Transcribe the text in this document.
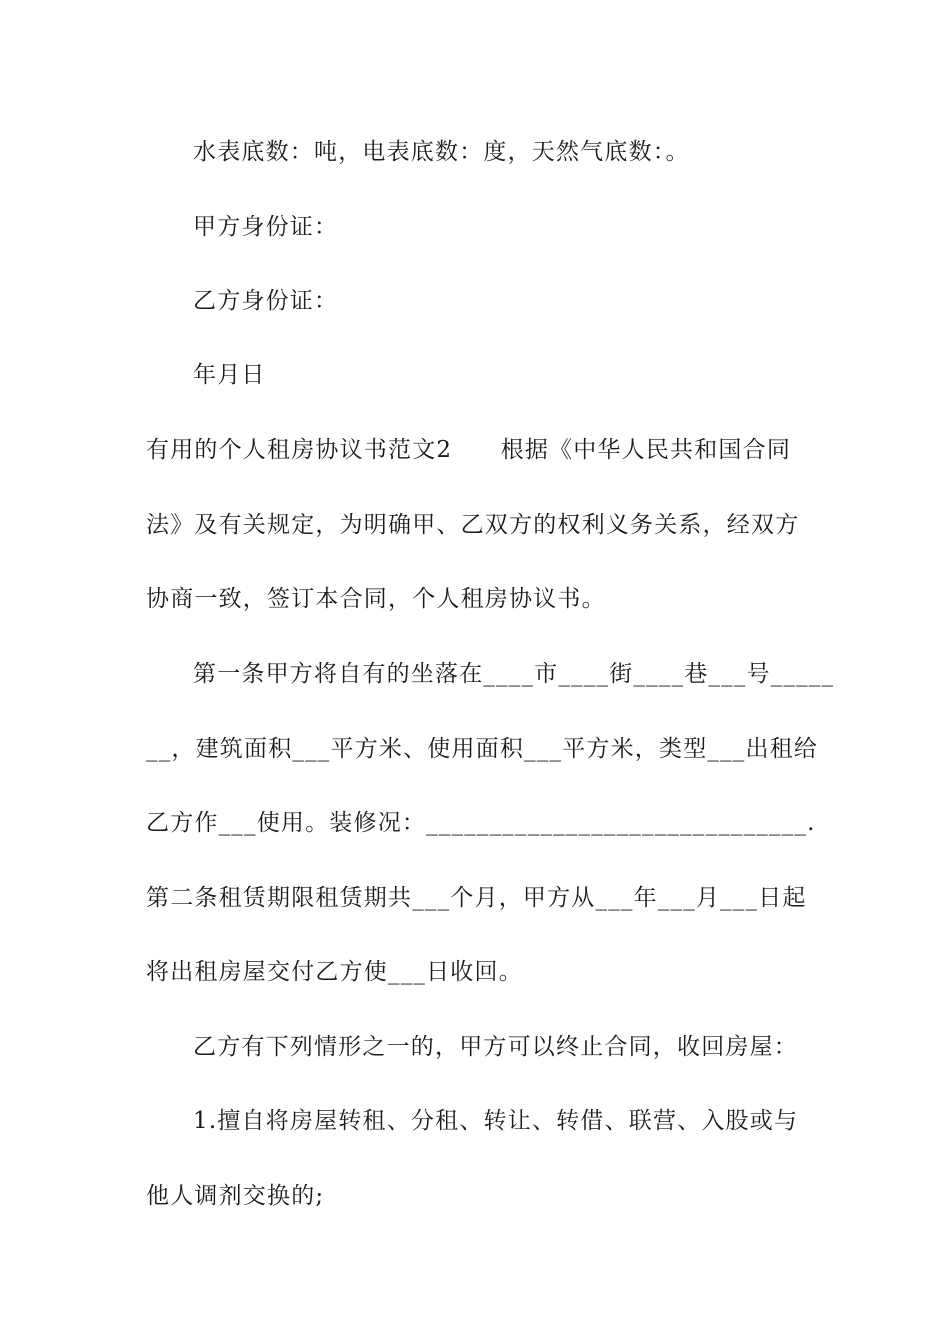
水表底数：吨，电表底数：度，天然气底数：。
甲方身份证：
乙方身份证：
年月日
有用的个人租房协议书范文2　　根据《中华人民共和国合同
法》及有关规定，为明确甲、乙双方的权利义务关系，经双方
协商一致，签订本合同，个人租房协议书。
第一条甲方将自有的坐落在____市____街____巷___号_____
__，建筑面积___平方米、使用面积___平方米，类型___出租给
乙方作___使用。装修况：______________________________.
第二条租赁期限租赁期共___个月，甲方从___年___月___日起
将出租房屋交付乙方使___日收回。
乙方有下列情形之一的，甲方可以终止合同，收回房屋：
1.擅自将房屋转租、分租、转让、转借、联营、入股或与
他人调剂交换的;
